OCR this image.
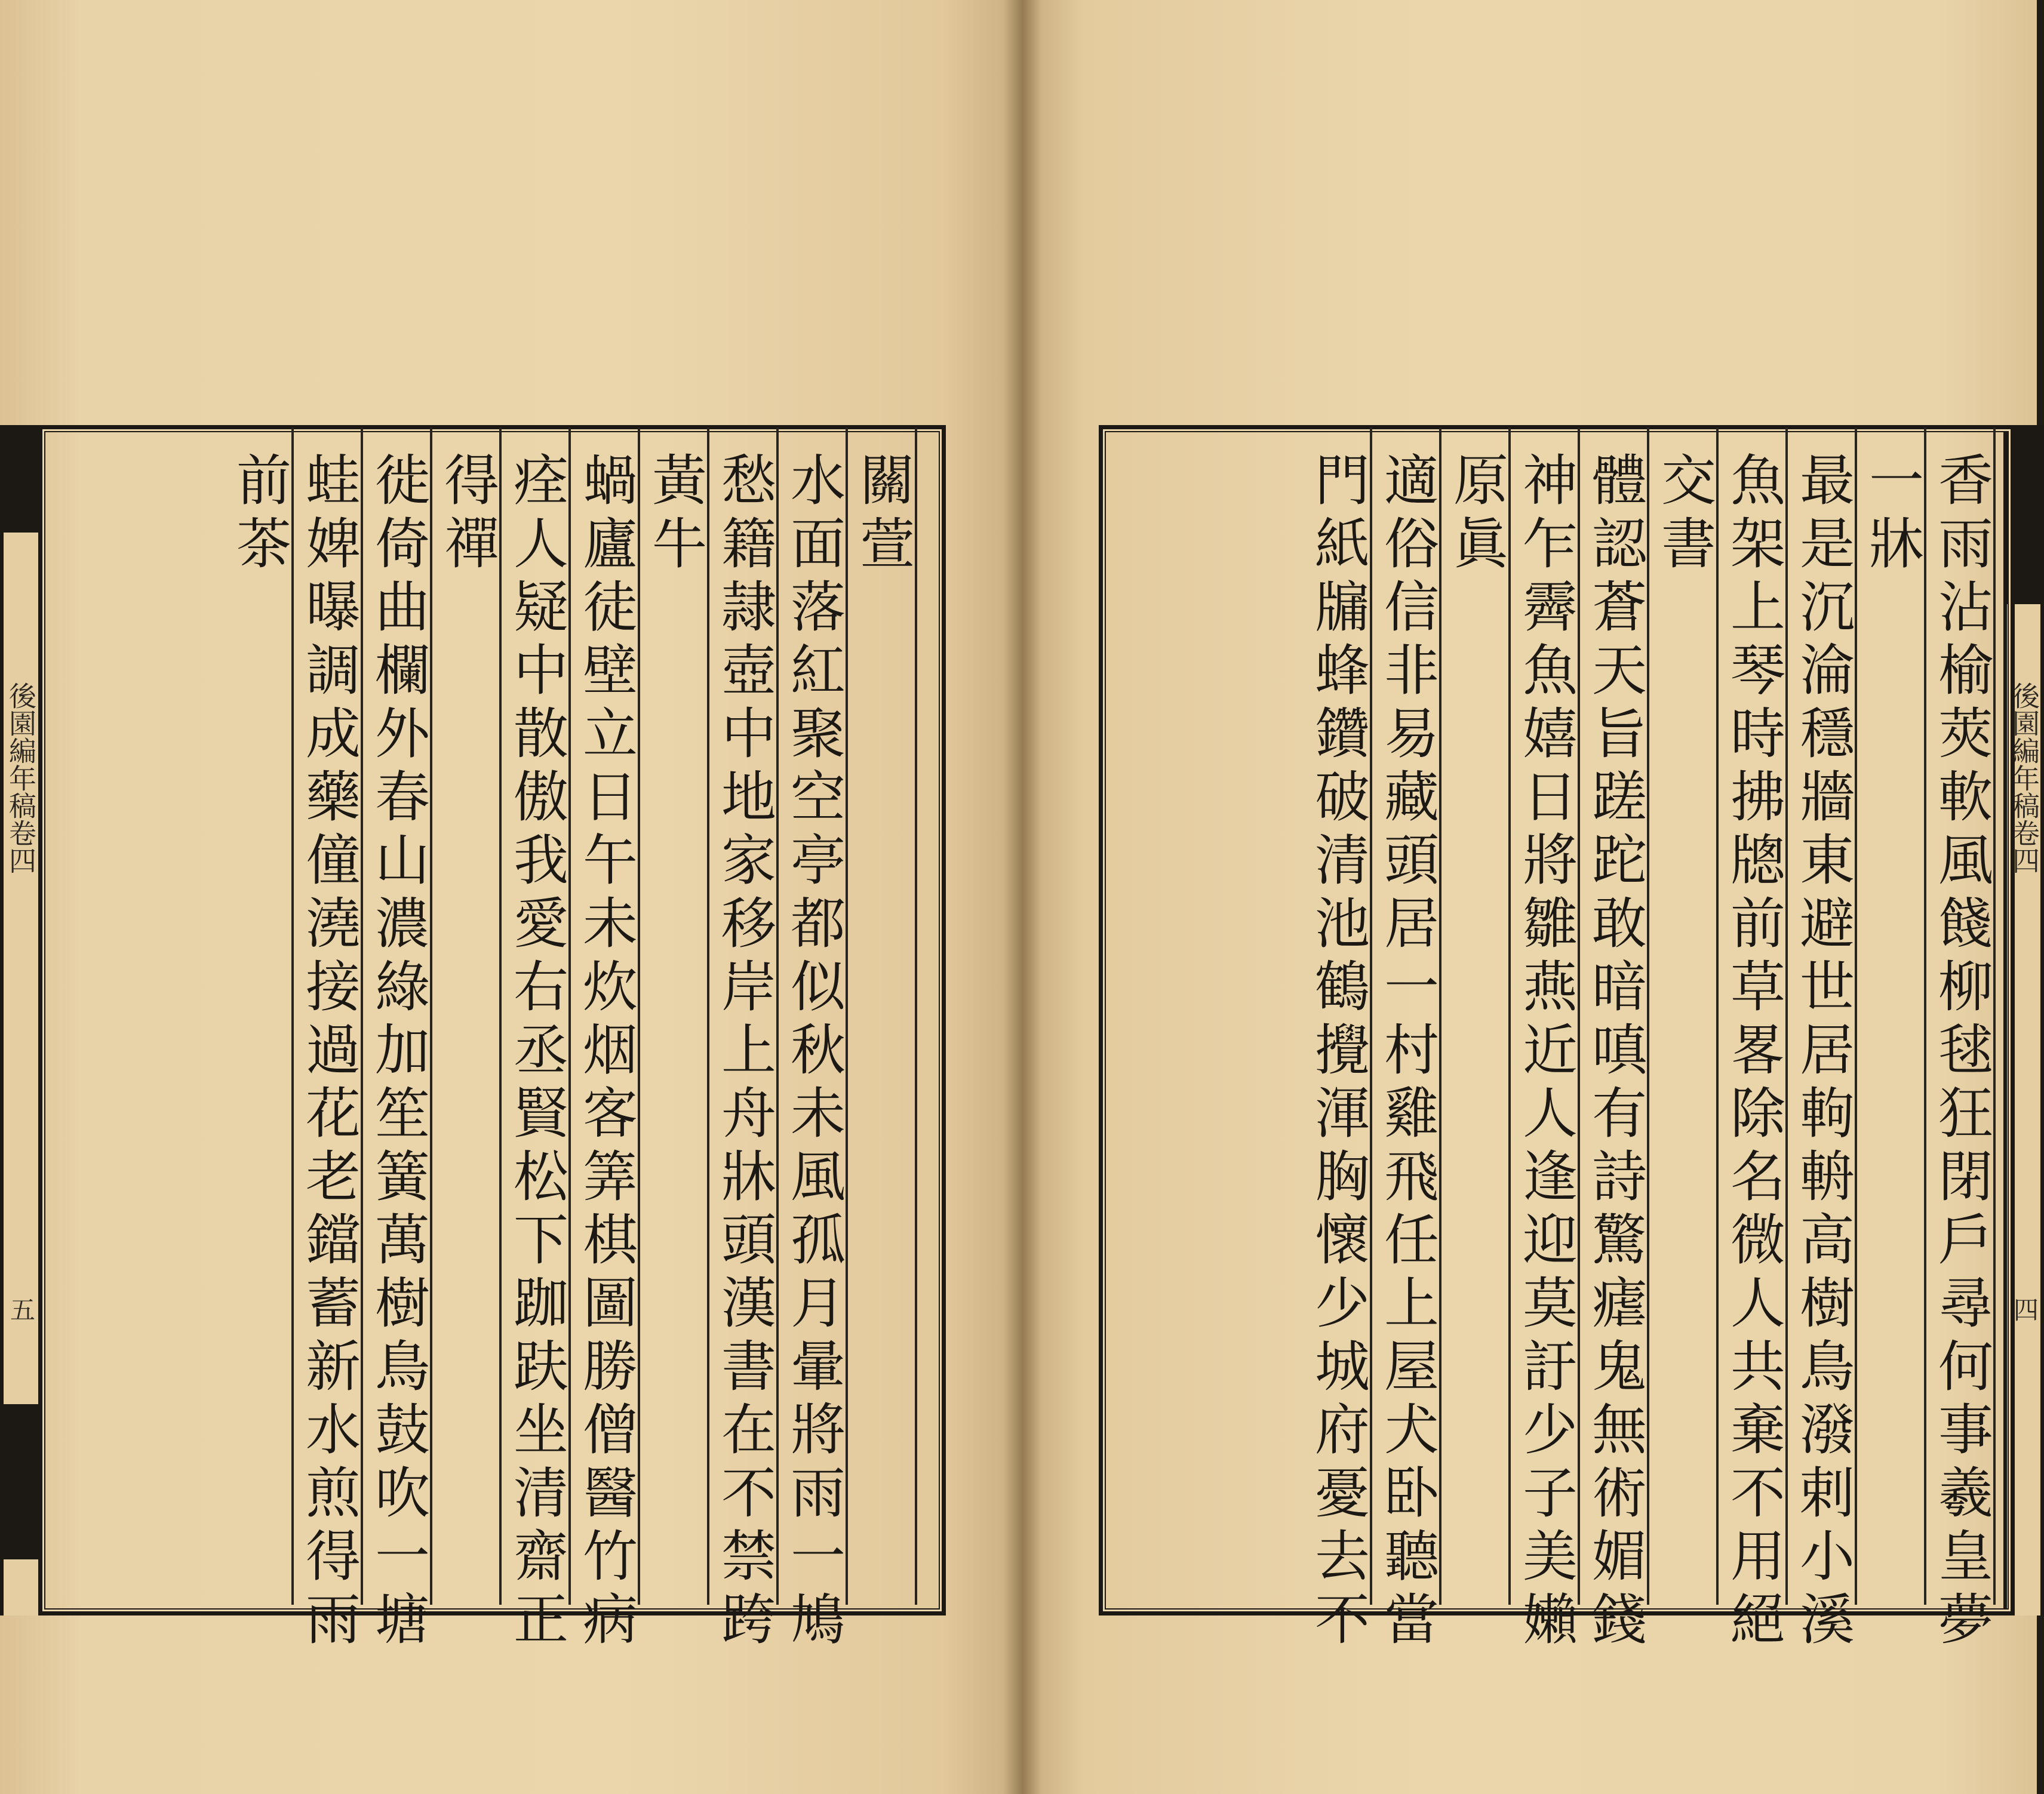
後園編年稿卷四
五
後園編年稿卷四
四
關萱
水面落紅聚空亭都似秋未風孤月暈將雨一鳩
愁籍隷壺中地家移岸上舟牀頭漢書在不禁跨
黃牛
蝸廬徒壁立日午未炊烟客筭棋圖勝僧醫竹病
痊人疑中散傲我愛右丞賢松下跏趺坐清齋正
得禪
徙倚曲欄外春山濃綠加笙簧萬樹鳥鼓吹一塘
蛙婢曝調成藥僮澆接過花老鐺蓄新水煎得雨
前茶	香雨沾榆莢軟風餞柳毬狂閉戶尋何事羲皇夢
一牀
最是沉淪穩牆東避世居軥輈高樹鳥潑剌小溪
魚架上琴時拂牕前草畧除名微人共棄不用絕
交書
體認蒼天旨蹉跎敢暗嗔有詩驚瘧鬼無術媚錢
神乍霽魚嬉日將雛燕近人逢迎莫訏少子美嬾
原眞
適俗信非易藏頭居一村雞飛任上屋犬卧聽當
門紙牖蜂鑽破清池鶴攪渾胸懷少城府憂去不
